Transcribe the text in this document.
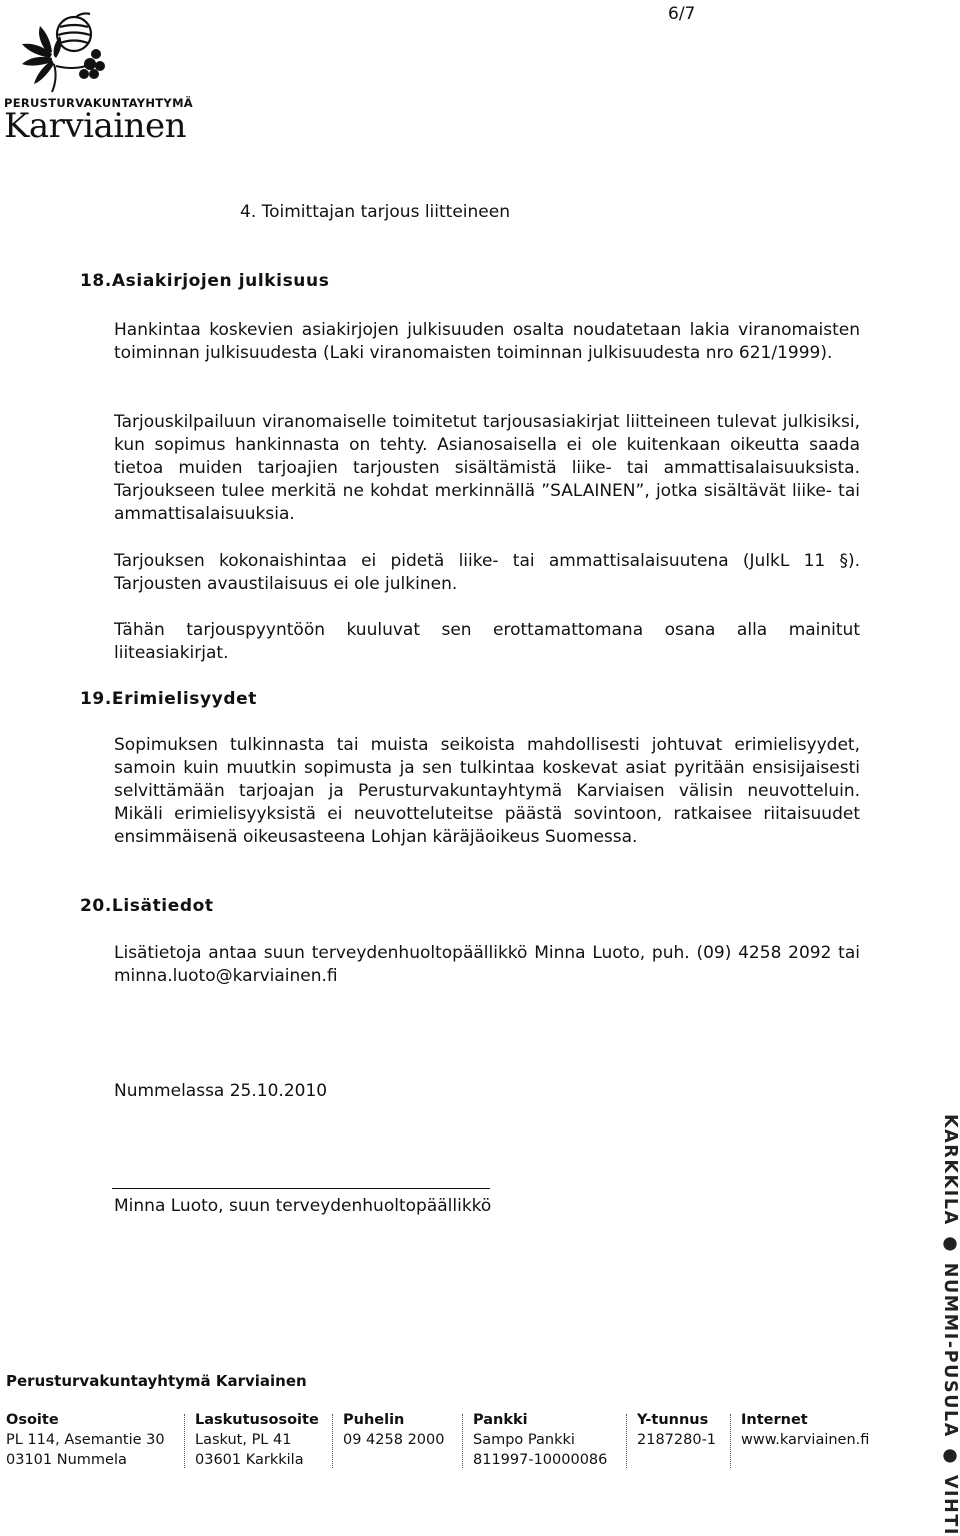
6/7
PERUSTURVAKUNTAYHTYMÄ
Karviainen
4. Toimittajan tarjous liitteineen
18.Asiakirjojen julkisuus
Hankintaa koskevien asiakirjojen julkisuuden osalta noudatetaan lakia viranomaisten toiminnan julkisuudesta (Laki viranomaisten toiminnan julkisuudesta nro 621/1999).
Tarjouskilpailuun viranomaiselle toimitetut tarjousasiakirjat liitteineen tulevat julkisiksi, kun sopimus hankinnasta on tehty. Asianosaisella ei ole kuitenkaan oikeutta saada tietoa muiden tarjoajien tarjousten sisältämistä liike- tai ammattisalaisuuksista. Tarjoukseen tulee merkitä ne kohdat merkinnällä ”SALAINEN”, jotka sisältävät liike- tai ammattisalaisuuksia.
Tarjouksen kokonaishintaa ei pidetä liike- tai ammattisalaisuutena (JulkL 11 §). Tarjousten avaustilaisuus ei ole julkinen.
Tähän tarjouspyyntöön kuuluvat sen erottamattomana osana alla mainitut liiteasiakirjat.
19.Erimielisyydet
Sopimuksen tulkinnasta tai muista seikoista mahdollisesti johtuvat erimielisyydet, samoin kuin muutkin sopimusta ja sen tulkintaa koskevat asiat pyritään ensisijaisesti selvittämään tarjoajan ja Perusturvakuntayhtymä Karviaisen välisin neuvotteluin. Mikäli erimielisyyksistä ei neuvotteluteitse päästä sovintoon, ratkaisee riitaisuudet ensimmäisenä oikeusasteena Lohjan käräjäoikeus Suomessa.
20.Lisätiedot
Lisätietoja antaa suun terveydenhuoltopäällikkö Minna Luoto, puh. (09) 4258 2092 tai minna.luoto@karviainen.fi
Nummelassa 25.10.2010
Minna Luoto, suun terveydenhuoltopäällikkö	KARKKILA ● NUMMI-PUSULA ● VIHTI
Perusturvakuntayhtymä Karviainen
Osoite
PL 114, Asemantie 30
03101 Nummela
Laskutusosoite
Laskut, PL 41
03601 Karkkila
Puhelin
09 4258 2000
Pankki
Sampo Pankki
811997-10000086
Y-tunnus
2187280-1
Internet
www.karviainen.fi
